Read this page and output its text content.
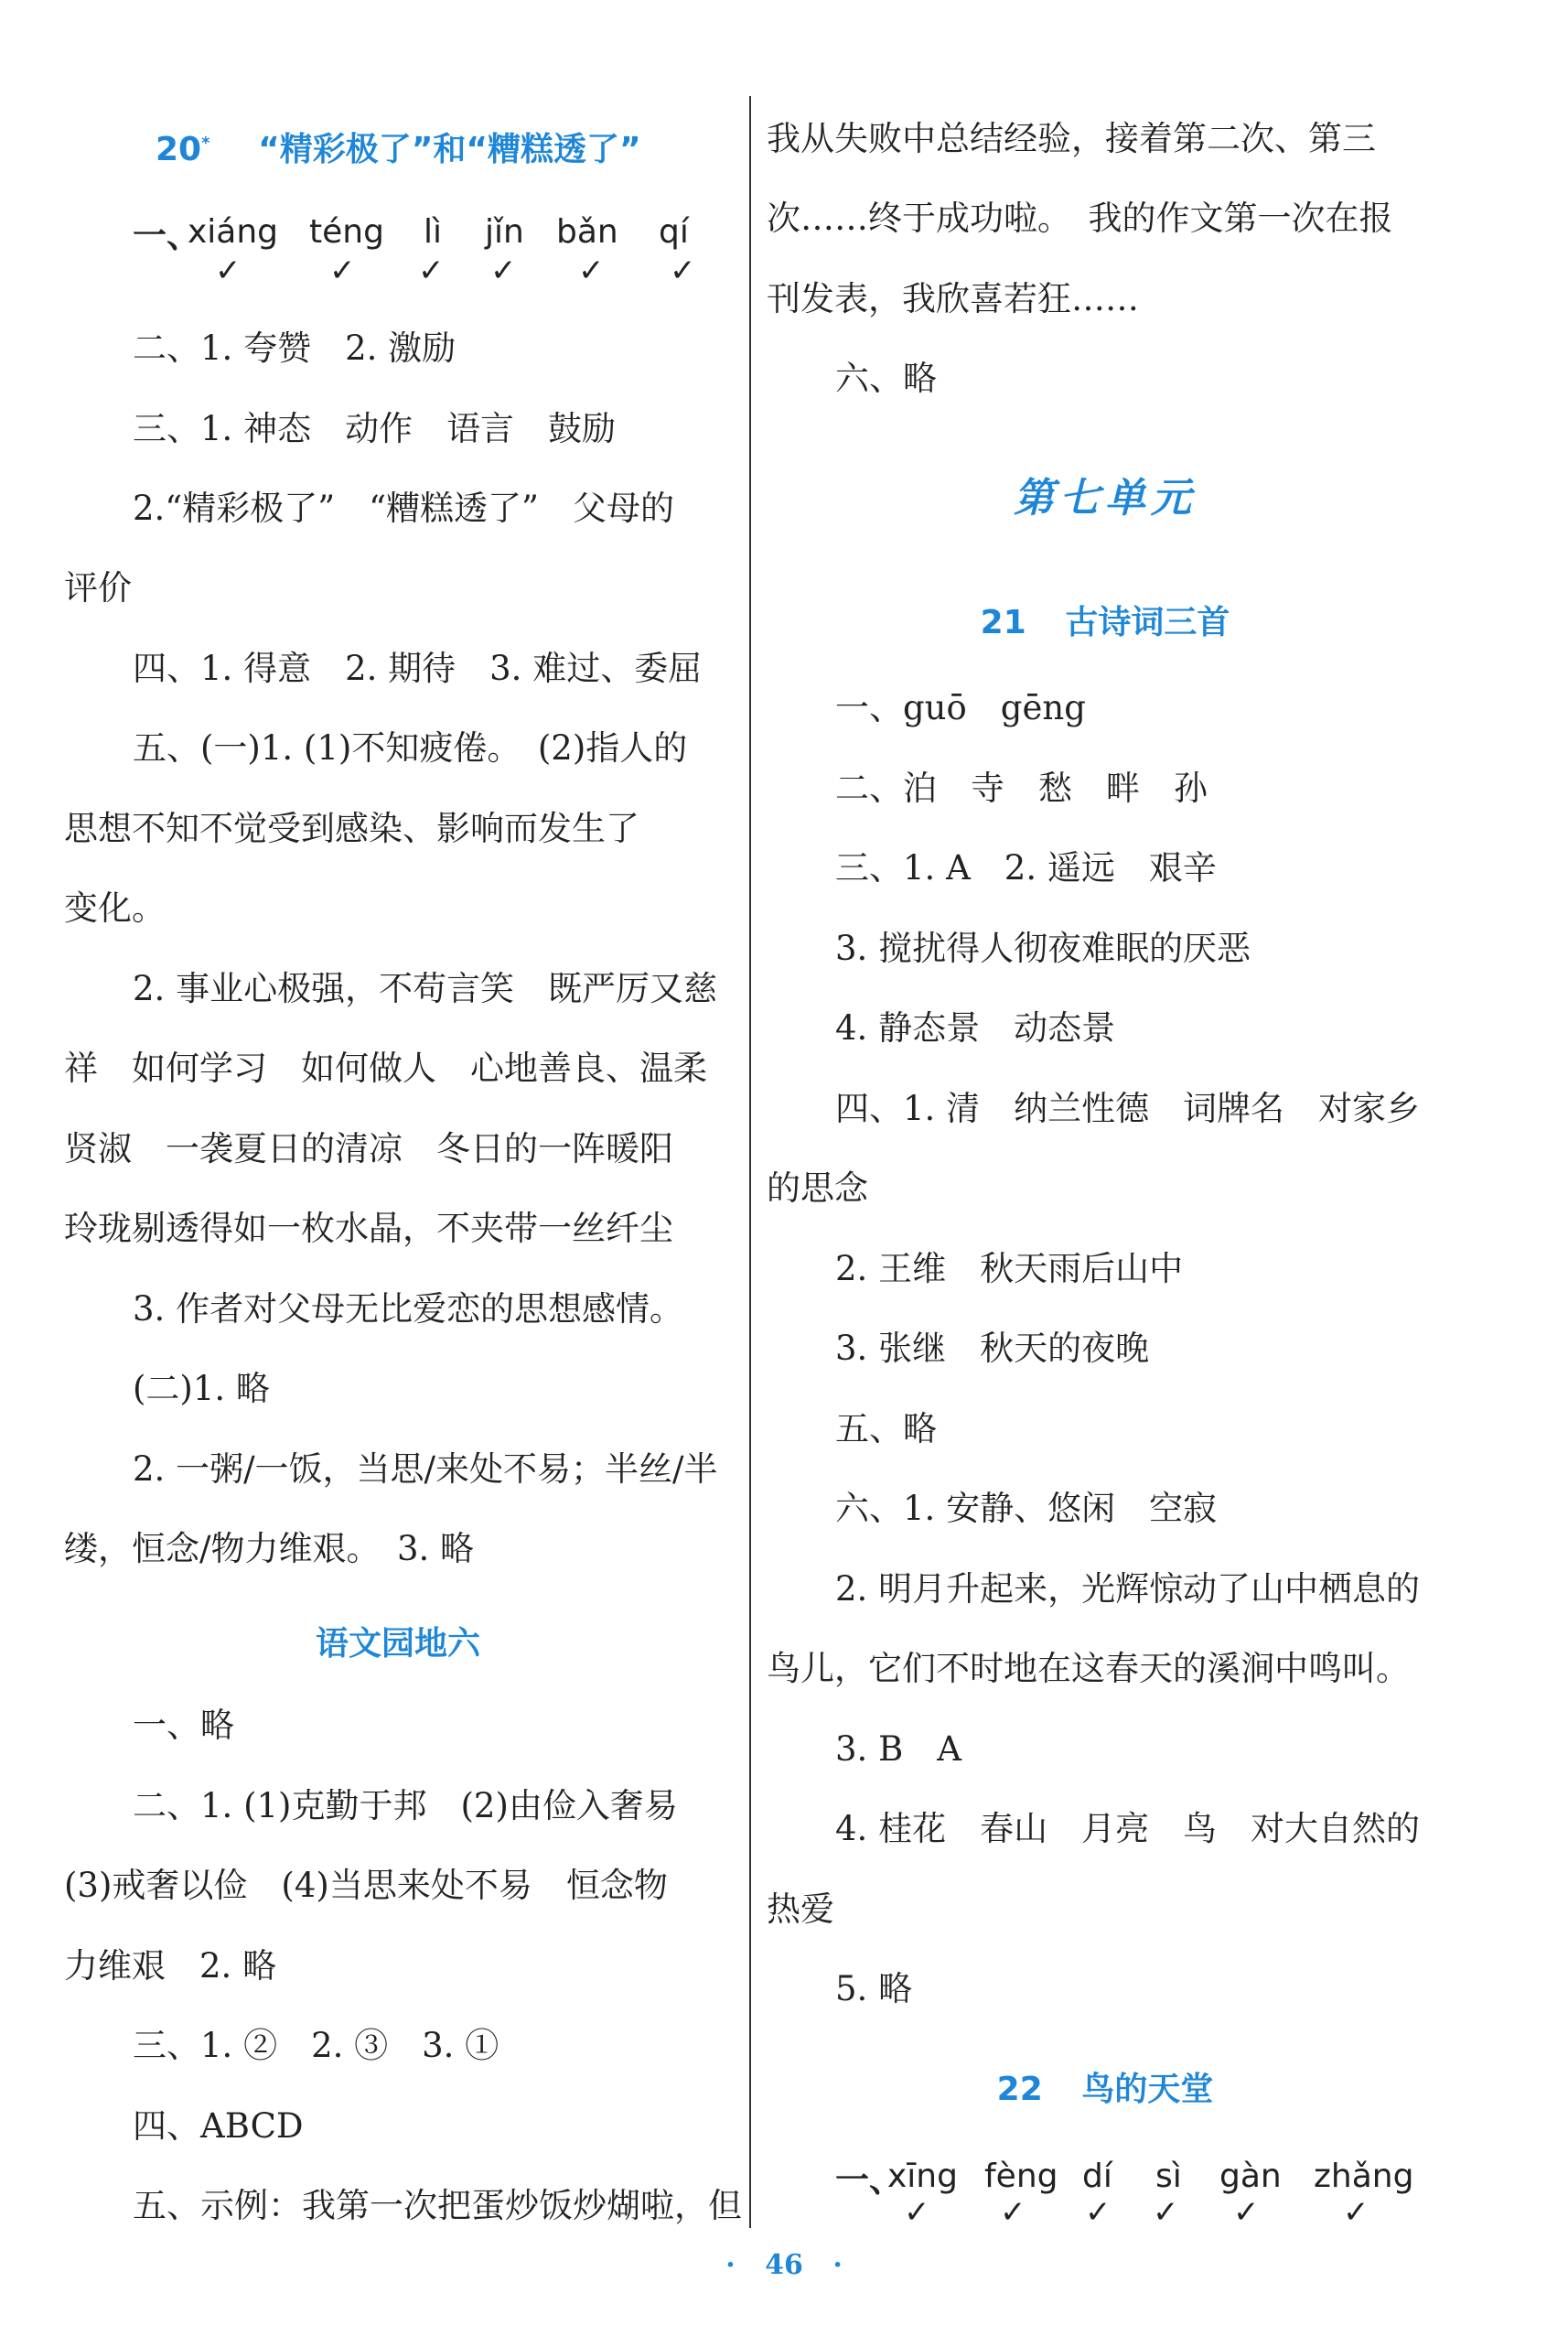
20* “精彩极了”和“糟糕透了”
一、
xiáng téng lì jǐn bǎn qí
✓	✓ ✓ ✓ ✓ ✓
二、1. 夸赞　2. 激励
三、1. 神态　动作　语言　鼓励
2.“精彩极了”　“糟糕透了”　父母的
评价
四、1. 得意　2. 期待　3. 难过、委屈
五、(一)1. (1)不知疲倦。　(2)指人的
思想不知不觉受到感染、影响而发生了
变化。
2. 事业心极强，不苟言笑　既严厉又慈
祥　如何学习　如何做人　心地善良、温柔
贤淑　一袭夏日的清凉　冬日的一阵暖阳
玲珑剔透得如一枚水晶，不夹带一丝纤尘
3. 作者对父母无比爱恋的思想感情。
(二)1. 略
2. 一粥/一饭，当思/来处不易；半丝/半
缕，恒念/物力维艰。　3. 略
语文园地六
一、略
二、1. (1)克勤于邦　(2)由俭入奢易
(3)戒奢以俭　(4)当思来处不易　恒念物
力维艰　2. 略
三、1. ②　2. ③　3. ①
四、ABCD
五、示例：我第一次把蛋炒饭炒煳啦，但
我从失败中总结经验，接着第二次、第三
次……终于成功啦。　我的作文第一次在报
刊发表，我欣喜若狂……
六、略
第七单元
21 古诗词三首
一、guō　gēng
二、泊　寺　愁　畔　孙
三、1. A　2. 遥远　艰辛
3. 搅扰得人彻夜难眠的厌恶
4. 静态景　动态景
四、1. 清　纳兰性德　词牌名　对家乡
的思念
2. 王维　秋天雨后山中
3. 张继　秋天的夜晚
五、略
六、1. 安静、悠闲　空寂
2. 明月升起来，光辉惊动了山中栖息的
鸟儿，它们不时地在这春天的溪涧中鸣叫。
3. B　A
4. 桂花　春山　月亮　鸟　对大自然的
热爱
5. 略
22 鸟的天堂
一、
xīng fèng dí sì gàn zhǎng
✓ ✓ ✓ ✓ ✓	✓
· 46 ·
